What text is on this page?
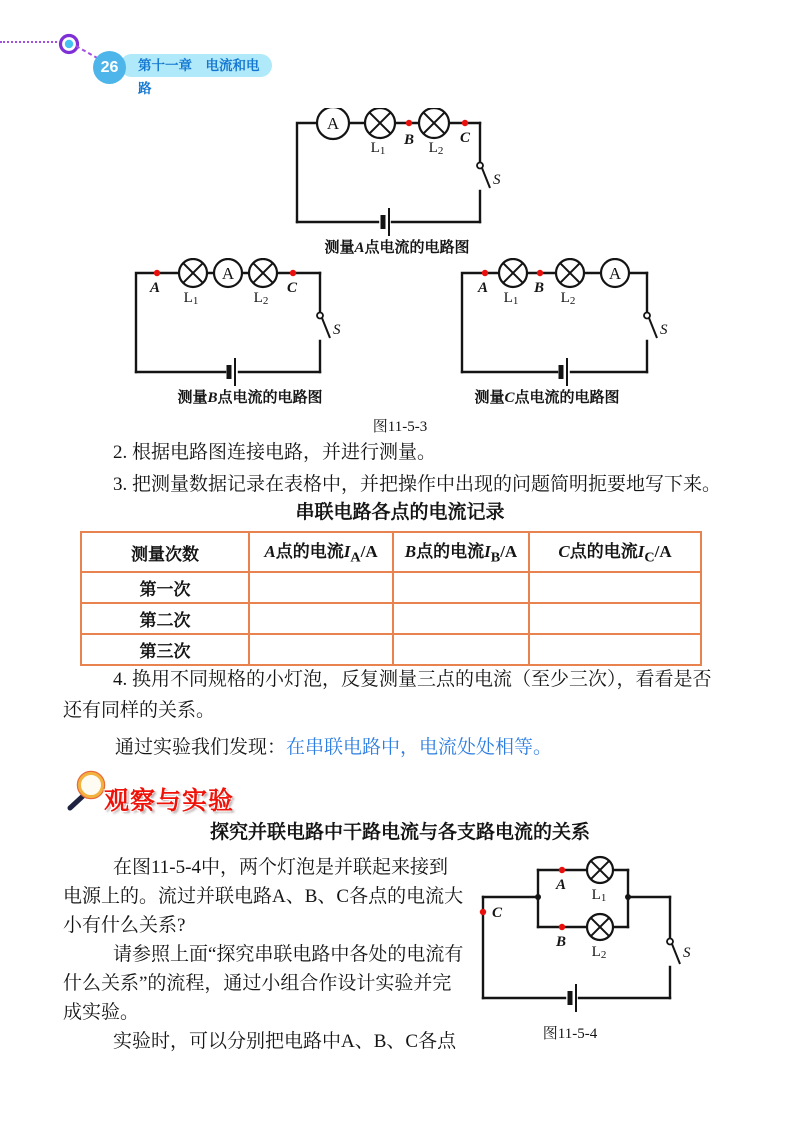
第十一章　电流和电路
26
S
A
B	C
L1	L2
测量A点电流的电路图
S
A
A
C
L1	L2
测量B点电流的电路图
S
A	B
A
L1	L2
测量C点电流的电路图
图11-5-3

2. 根据电路图连接电路，并进行测量。

3. 把测量数据记录在表格中，并把操作中出现的问题简明扼要地写下来。

串联电路各点的电流记录
测量次数	A点的电流$I_A/A$	B点的电流$I_B/A$	C点的电流$I_C/A$
第一次			
第二次			
第三次			

4. 换用不同规格的小灯泡，反复测量三点的电流（至少三次），看看是否还有同样的关系。

通过实验我们发现：在串联电路中，电流处处相等。

观察与实验
探究并联电路中干路电流与各支路电流的关系

在图11-5-4中，两个灯泡是并联起来接到电源上的。流过并联电路A、B、C各点的电流大小有什么关系?

请参照上面“探究串联电路中各处的电流有什么关系”的流程，通过小组合作设计实验并完成实验。

实验时，可以分别把电路中A、B、C各点

S
C
A
L1
B
L2
图11-5-4
